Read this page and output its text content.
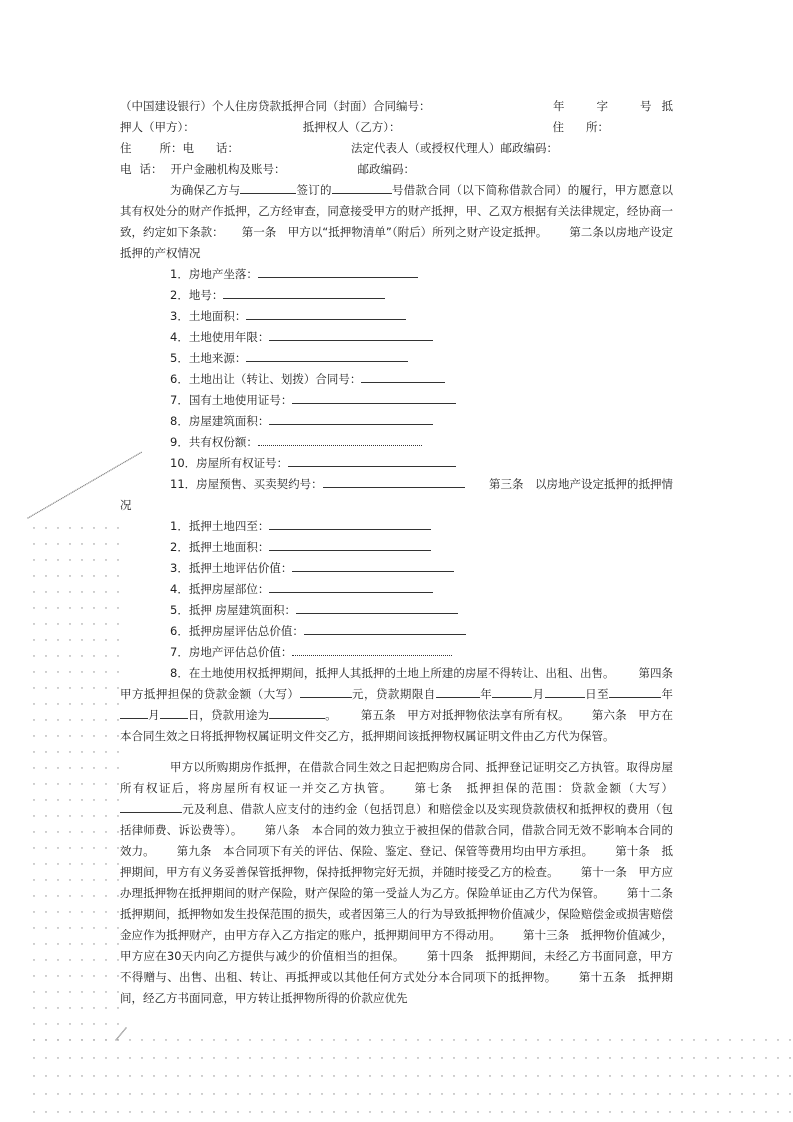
（中国建设银行）个人住房贷款抵押合同（封面）合同编号：	年	字	号 抵
押人（甲方）：	抵押权人（乙方）：	住 所：
住 所：电 话：	法定代表人（或授权代理人）邮政编码：
电 话： 开户金融机构及账号：	邮政编码：
为确保乙方与	签订的	号借款合同（以下简称借款合同）的履行，甲方愿意以其有权处分的财产作抵押，乙方经审查，同意接受甲方的财产抵押，甲、乙双方根据有关法律规定，经协商一致，约定如下条款： 第一条　甲方以“抵押物清单”（附后）所列之财产设定抵押。 第二条以房地产设定抵押的产权情况
1．房地产坐落：
2．地号：
3．土地面积：
4．土地使用年限：
5．土地来源：
6．土地出让（转让、划拨）合同号：
7．国有土地使用证号：
8．房屋建筑面积：
9．共有权份额：
10．房屋所有权证号：
11．房屋预售、买卖契约号：	第三条　以房地产设定抵押的抵押情
况
1．抵押土地四至：
2．抵押土地面积：
3．抵押土地评估价值：
4．抵押房屋部位：
5．抵押 房屋建筑面积：
6．抵押房屋评估总价值：
7．房地产评估总价值：
8．在土地使用权抵押期间，抵押人其抵押的土地上所建的房屋不得转让、出租、出售。 第四条　甲方抵押担保的贷款金额（大写）	元，贷款期限自	年	月	日至	年月 日，贷款用途为	。 第五条　甲方对抵押物依法享有所有权。 第六条　甲方在本合同生效之日将抵押物权属证明文件交乙方，抵押期间该抵押物权属证明文件由乙方代为保管。
甲方以所购期房作抵押，在借款合同生效之日起把购房合同、抵押登记证明交乙方执管。取得房屋所有权证后，将房屋所有权证一并交乙方执管。 第七条　抵押担保的范围：贷款金额（大写）元及利息、借款人应支付的违约金（包括罚息）和赔偿金以及实现贷款债权和抵押权的费用（包括律师费、诉讼费等）。 第八条　本合同的效力独立于被担保的借款合同，借款合同无效不影响本合同的效力。 第九条　本合同项下有关的评估、保险、鉴定、登记、保管等费用均由甲方承担。 第十条　抵押期间，甲方有义务妥善保管抵押物，保持抵押物完好无损，并随时接受乙方的检查。 第十一条　甲方应办理抵押物在抵押期间的财产保险，财产保险的第一受益人为乙方。保险单证由乙方代为保管。 第十二条　抵押期间，抵押物如发生投保范围的损失，或者因第三人的行为导致抵押物价值减少，保险赔偿金或损害赔偿金应作为抵押财产，由甲方存入乙方指定的账户，抵押期间甲方不得动用。 第十三条　抵押物价值减少，甲方应在30天内向乙方提供与减少的价值相当的担保。 第十四条　抵押期间，未经乙方书面同意，甲方不得赠与、出售、出租、转让、再抵押或以其他任何方式处分本合同项下的抵押物。 第十五条　抵押期间，经乙方书面同意，甲方转让抵押物所得的价款应优先
